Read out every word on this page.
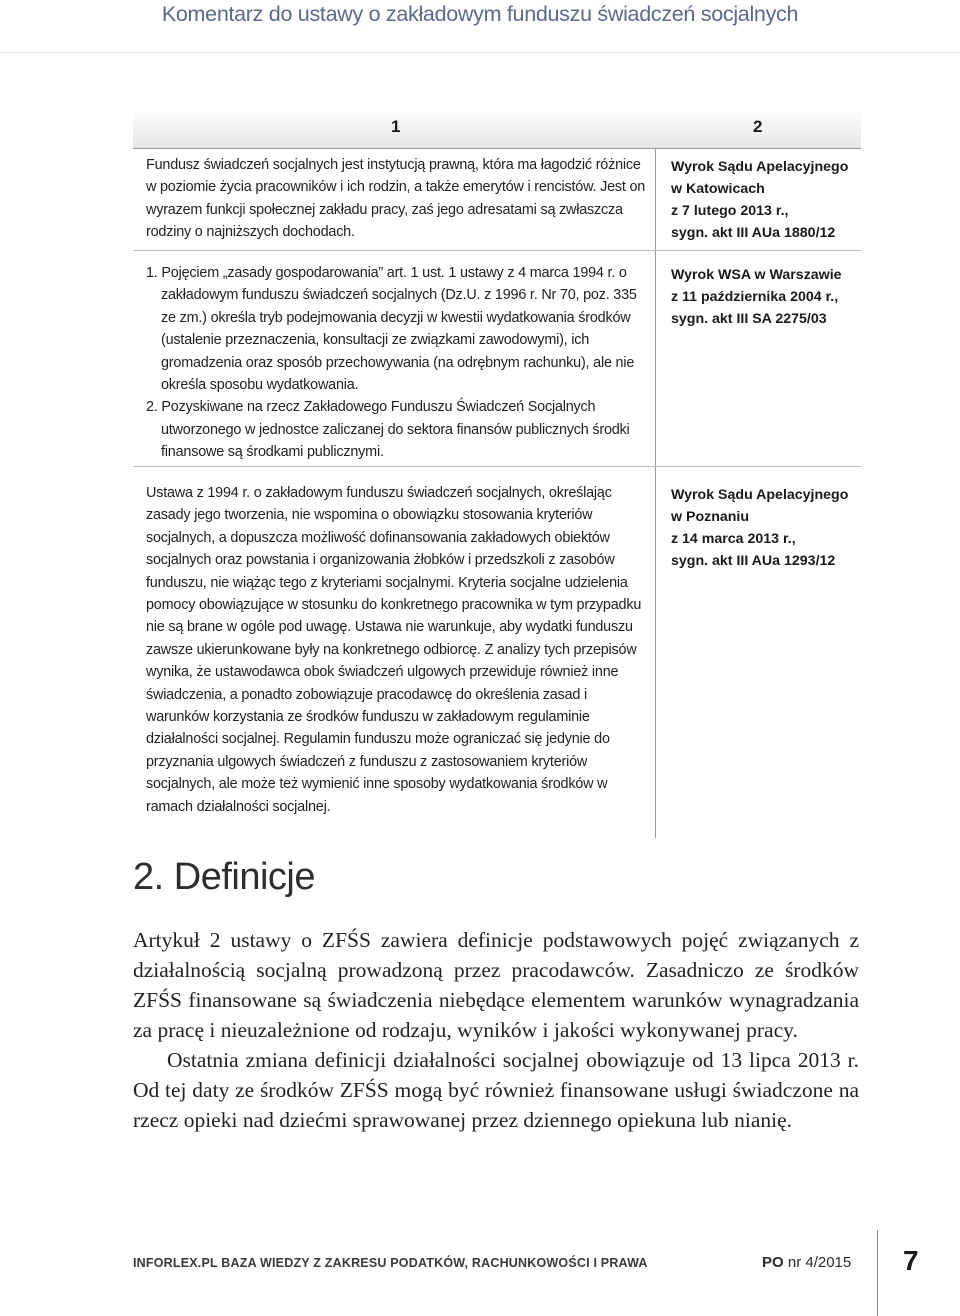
Komentarz do ustawy o zakładowym funduszu świadczeń socjalnych
1	2

Fundusz świadczeń socjalnych jest instytucją prawną, która ma łagodzić różnice w poziomie życia pracowników i ich rodzin, a także emerytów i rencistów. Jest on wyrazem funkcji społecznej zakładu pracy, zaś jego adresatami są zwłaszcza rodziny o najniższych dochodach.

Wyrok Sądu Apelacyjnego
w Katowicach
z 7 lutego 2013 r.,
sygn. akt III AUa 1880/12

1. Pojęciem „zasady gospodarowania” art. 1 ust. 1 ustawy z 4 marca 1994 r. o zakładowym funduszu świadczeń socjalnych (Dz.U. z 1996 r. Nr 70, poz. 335 ze zm.) określa tryb podejmowania decyzji w kwestii wydatkowania środków (ustalenie przeznaczenia, konsultacji ze związkami zawodowymi), ich gromadzenia oraz sposób przechowywania (na odrębnym rachunku), ale nie określa sposobu wydatkowania.

2. Pozyskiwane na rzecz Zakładowego Funduszu Świadczeń Socjalnych utworzonego w jednostce zaliczanej do sektora finansów publicznych środki finansowe są środkami publicznymi.

Wyrok WSA w Warszawie
z 11 października 2004 r.,
sygn. akt III SA 2275/03

Ustawa z 1994 r. o zakładowym funduszu świadczeń socjalnych, określając zasady jego tworzenia, nie wspomina o obowiązku stosowania kryteriów socjalnych, a dopuszcza możliwość dofinansowania zakładowych obiektów socjalnych oraz powstania i organizowania żłobków i przedszkoli z zasobów funduszu, nie wiążąc tego z kryteriami socjalnymi. Kryteria socjalne udzielenia pomocy obowiązujące w stosunku do konkretnego pracownika w tym przypadku nie są brane w ogóle pod uwagę. Ustawa nie warunkuje, aby wydatki funduszu zawsze ukierunkowane były na konkretnego odbiorcę. Z analizy tych przepisów wynika, że ustawodawca obok świadczeń ulgowych przewiduje również inne świadczenia, a ponadto zobowiązuje pracodawcę do określenia zasad i warunków korzystania ze środków funduszu w zakładowym regulaminie działalności socjalnej. Regulamin funduszu może ograniczać się jedynie do przyznania ulgowych świadczeń z funduszu z zastosowaniem kryteriów socjalnych, ale może też wymienić inne sposoby wydatkowania środków w ramach działalności socjalnej.

Wyrok Sądu Apelacyjnego
w Poznaniu
z 14 marca 2013 r.,
sygn. akt III AUa 1293/12
2. Definicje

Artykuł 2 ustawy o ZFŚS zawiera definicje podstawowych pojęć związanych z działalnością socjalną prowadzoną przez pracodawców. Zasadniczo ze środków ZFŚS finansowane są świadczenia niebędące elementem warunków wynagradzania za pracę i nieuzależnione od rodzaju, wyników i jakości wykonywanej pracy.

Ostatnia zmiana definicji działalności socjalnej obowiązuje od 13 lipca 2013 r. Od tej daty ze środków ZFŚS mogą być również finansowane usługi świadczone na rzecz opieki nad dziećmi sprawowanej przez dziennego opiekuna lub nianię.

INFORLEX.PL BAZA WIEDZY Z ZAKRESU PODATKÓW, RACHUNKOWOŚCI I PRAWA	PO nr 4/2015 7
